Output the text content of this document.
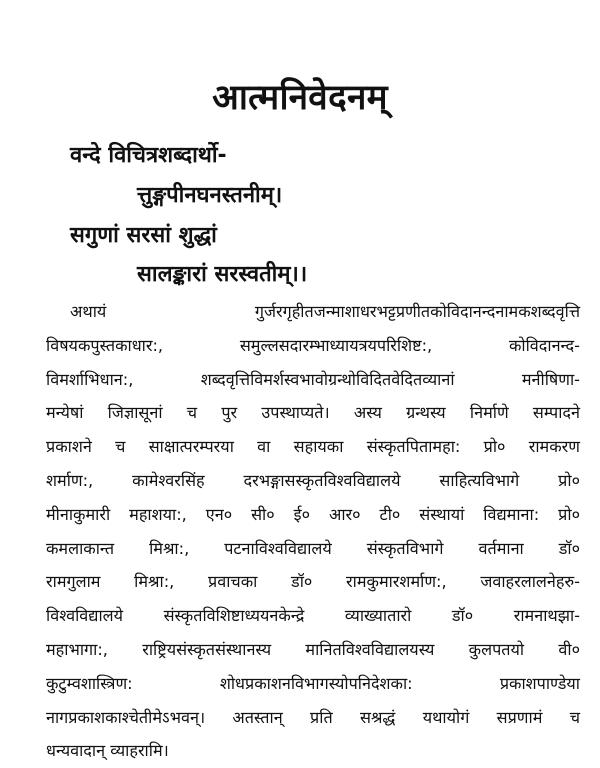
आत्मनिवेदनम्
वन्दे विचित्रशब्दार्थो-
त्तुङ्गपीनघनस्तनीम्।
सगुणां सरसां शुद्धां
सालङ्कारां सरस्वतीम्।।
अथायं गुर्जरगृहीतजन्माशाधरभट्टप्रणीतकोविदानन्दनामकशब्दवृत्ति
विषयकपुस्तकाधार:, समुल्लसदारम्भाध्यायत्रयपरिशिष्ट:, कोविदानन्द-
विमर्शाभिधान:, शब्दवृत्तिविमर्शस्वभावोग्रन्थोविदितवेदितव्यानां मनीषिणा-
मन्येषां जिज्ञासूनां च पुर उपस्थाप्यते। अस्य ग्रन्थस्य निर्माणे सम्पादने
प्रकाशने च साक्षात्परम्परया वा सहायका संस्कृतपितामहा: प्रो० रामकरण
शर्माण:, कामेश्वरसिंह दरभङ्गासस्कृतविश्वविद्यालये साहित्यविभागे प्रो०
मीनाकुमारी महाशया:, एन० सी० ई० आर० टी० संस्थायां विद्यमाना: प्रो०
कमलाकान्त मिश्रा:, पटनाविश्वविद्यालये संस्कृतविभागे वर्तमाना डॉ०
रामगुलाम मिश्रा:, प्रवाचका डॉ० रामकुमारशर्माण:, जवाहरलालनेहरु-
विश्वविद्यालये संस्कृतविशिष्टाध्ययनकेन्द्रे व्याख्यातारो डॉ० रामनाथझा-
महाभागा:, राष्ट्रियसंस्कृतसंस्थानस्य मानितविश्वविद्यालयस्य कुलपतयो वी०
कुटुम्वशास्त्रिण: शोधप्रकाशनविभागस्योपनिदेशका: प्रकाशपाण्डेया
नागप्रकाशकाश्चेतीमेऽभवन्। अतस्तान् प्रति सश्रद्धं यथायोगं सप्रणामं च
धन्यवादान् व्याहरामि।
